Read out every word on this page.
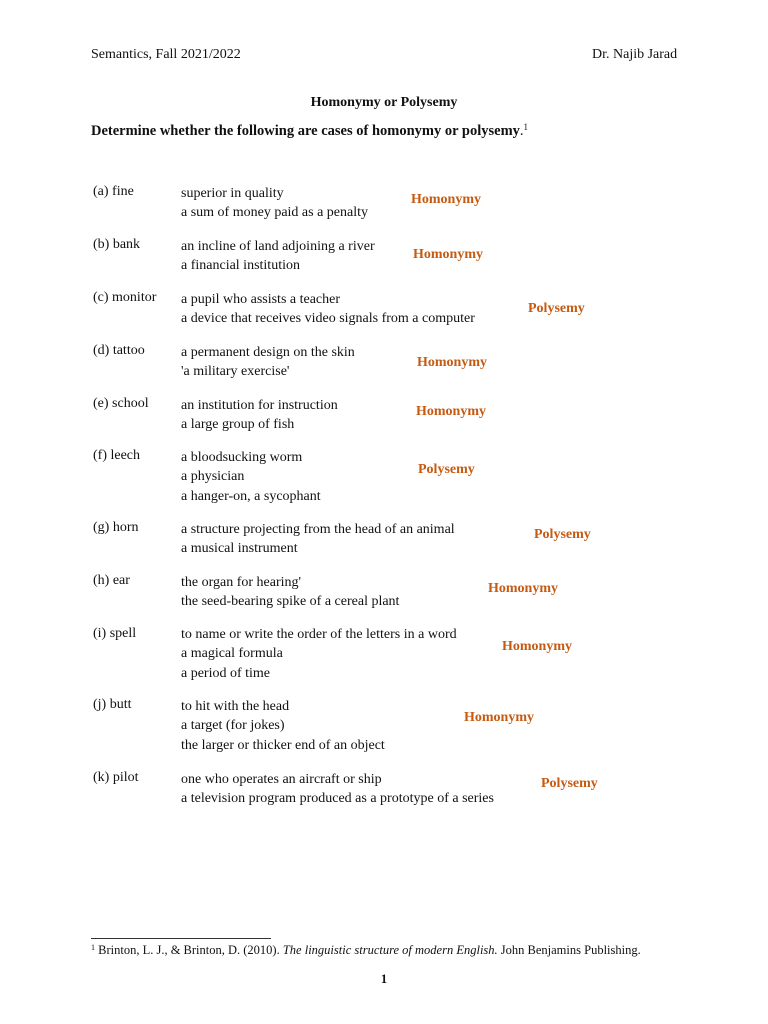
Semantics, Fall 2021/2022	Dr. Najib Jarad
Homonymy or Polysemy
Determine whether the following are cases of homonymy or polysemy.$^1$
(a) fine	superior in quality
a sum of money paid as a penalty
Homonymy
(b) bank	an incline of land adjoining a river
a financial institution
Homonymy
(c) monitor a pupil who assists a teacher
a device that receives video signals from a computer
Polysemy
(d) tattoo	a permanent design on the skin
'a military exercise'
Homonymy
(e) school an institution for instruction
a large group of fish
Homonymy
(f) leech	a bloodsucking worm
a physician
a hanger-on, a sycophant
Polysemy
(g) horn	a structure projecting from the head of an animal
a musical instrument
Polysemy
(h) ear	the organ for hearing'
the seed-bearing spike of a cereal plant
Homonymy
(i) spell	to name or write the order of the letters in a word
a magical formula
a period of time
Homonymy
(j) butt	to hit with the head
a target (for jokes)
the larger or thicker end of an object
Homonymy
(k) pilot	one who operates an aircraft or ship
a television program produced as a prototype of a series
Polysemy
$^1$ Brinton, L. J., & Brinton, D. (2010). The linguistic structure of modern English. John Benjamins Publishing.
1
